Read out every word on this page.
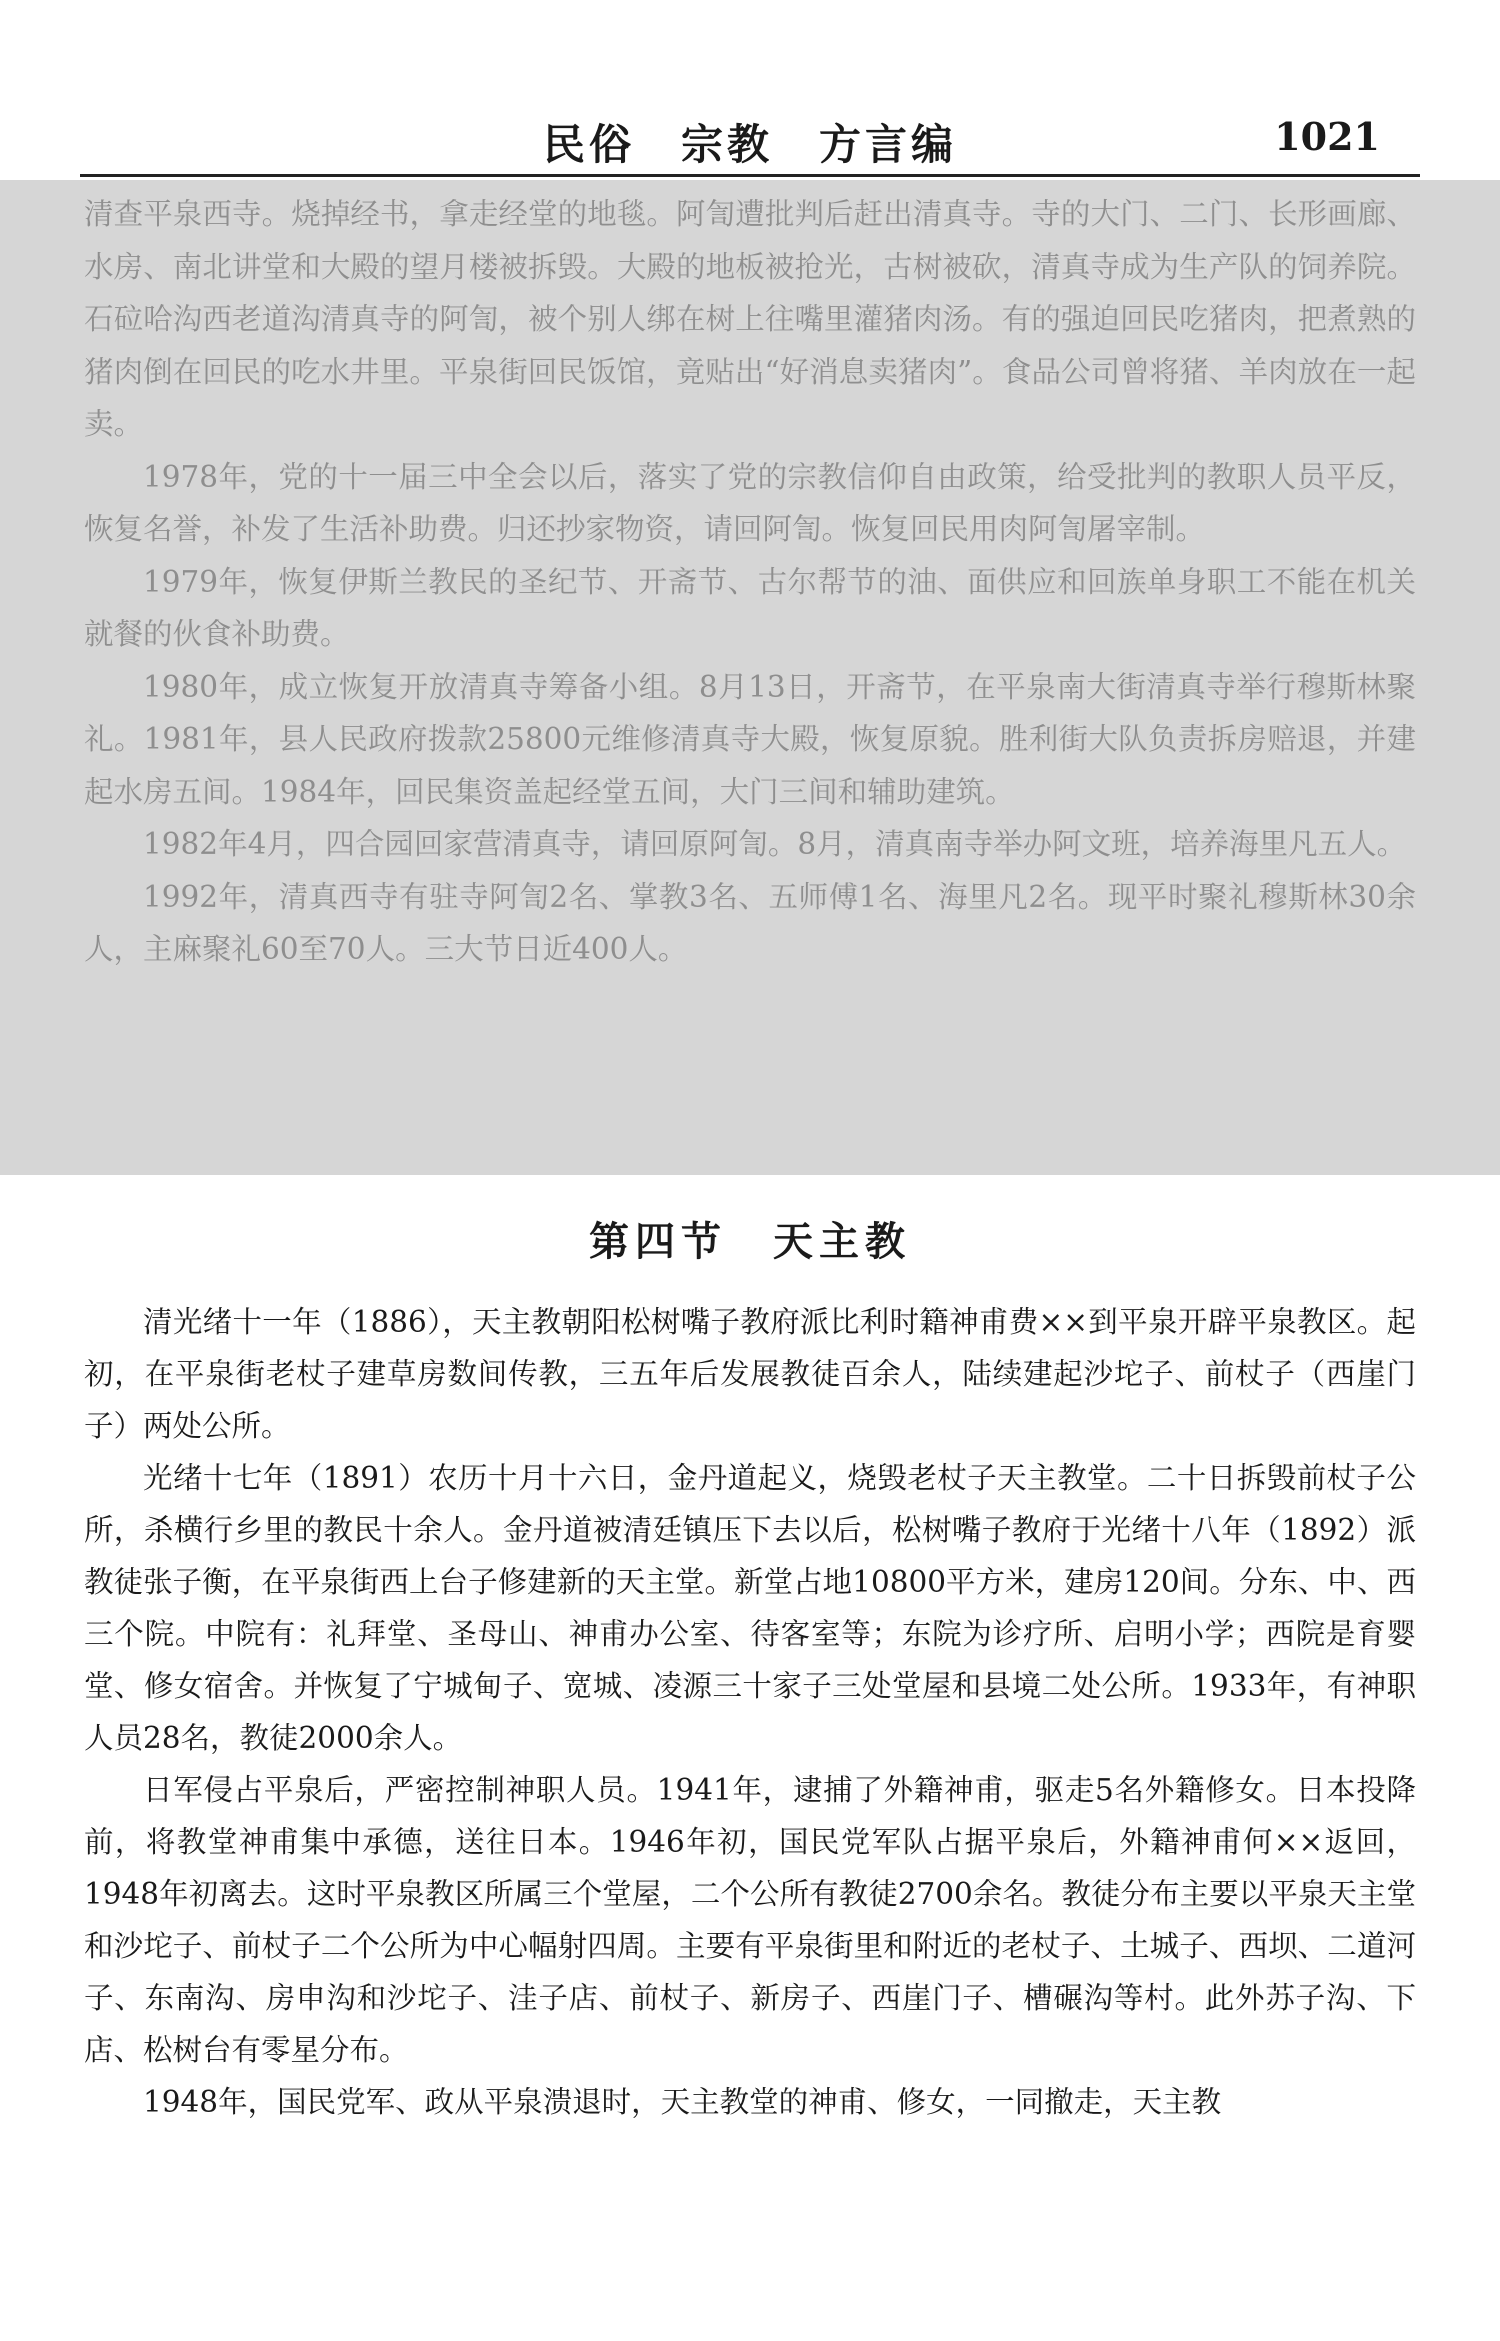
民俗　宗教　方言编	1021

清查平泉西寺。烧掉经书，拿走经堂的地毯。阿訇遭批判后赶出清真寺。寺的大门、二门、长形画廊、水房、南北讲堂和大殿的望月楼被拆毁。大殿的地板被抢光，古树被砍，清真寺成为生产队的饲养院。石砬哈沟西老道沟清真寺的阿訇，被个别人绑在树上往嘴里灌猪肉汤。有的强迫回民吃猪肉，把煮熟的猪肉倒在回民的吃水井里。平泉街回民饭馆，竟贴出“好消息卖猪肉”。食品公司曾将猪、羊肉放在一起卖。

1978年，党的十一届三中全会以后，落实了党的宗教信仰自由政策，给受批判的教职人员平反，恢复名誉，补发了生活补助费。归还抄家物资，请回阿訇。恢复回民用肉阿訇屠宰制。

1979年，恢复伊斯兰教民的圣纪节、开斋节、古尔帮节的油、面供应和回族单身职工不能在机关就餐的伙食补助费。

1980年，成立恢复开放清真寺筹备小组。8月13日，开斋节，在平泉南大街清真寺举行穆斯林聚礼。1981年，县人民政府拨款25800元维修清真寺大殿，恢复原貌。胜利街大队负责拆房赔退，并建起水房五间。1984年，回民集资盖起经堂五间，大门三间和辅助建筑。

1982年4月，四合园回家营清真寺，请回原阿訇。8月，清真南寺举办阿文班，培养海里凡五人。

1992年，清真西寺有驻寺阿訇2名、掌教3名、五师傅1名、海里凡2名。现平时聚礼穆斯林30余人，主麻聚礼60至70人。三大节日近400人。

第四节　天主教

清光绪十一年（1886），天主教朝阳松树嘴子教府派比利时籍神甫费××到平泉开辟平泉教区。起初，在平泉街老杖子建草房数间传教，三五年后发展教徒百余人，陆续建起沙坨子、前杖子（西崖门子）两处公所。

光绪十七年（1891）农历十月十六日，金丹道起义，烧毁老杖子天主教堂。二十日拆毁前杖子公所，杀横行乡里的教民十余人。金丹道被清廷镇压下去以后，松树嘴子教府于光绪十八年（1892）派教徒张子衡，在平泉街西上台子修建新的天主堂。新堂占地10800平方米，建房120间。分东、中、西三个院。中院有：礼拜堂、圣母山、神甫办公室、待客室等；东院为诊疗所、启明小学；西院是育婴堂、修女宿舍。并恢复了宁城甸子、宽城、凌源三十家子三处堂屋和县境二处公所。1933年，有神职人员28名，教徒2000余人。

日军侵占平泉后，严密控制神职人员。1941年，逮捕了外籍神甫，驱走5名外籍修女。日本投降前，将教堂神甫集中承德，送往日本。1946年初，国民党军队占据平泉后，外籍神甫何××返回，1948年初离去。这时平泉教区所属三个堂屋，二个公所有教徒2700余名。教徒分布主要以平泉天主堂和沙坨子、前杖子二个公所为中心幅射四周。主要有平泉街里和附近的老杖子、土城子、西坝、二道河子、东南沟、房申沟和沙坨子、洼子店、前杖子、新房子、西崖门子、槽碾沟等村。此外苏子沟、下店、松树台有零星分布。

1948年，国民党军、政从平泉溃退时，天主教堂的神甫、修女，一同撤走，天主教
